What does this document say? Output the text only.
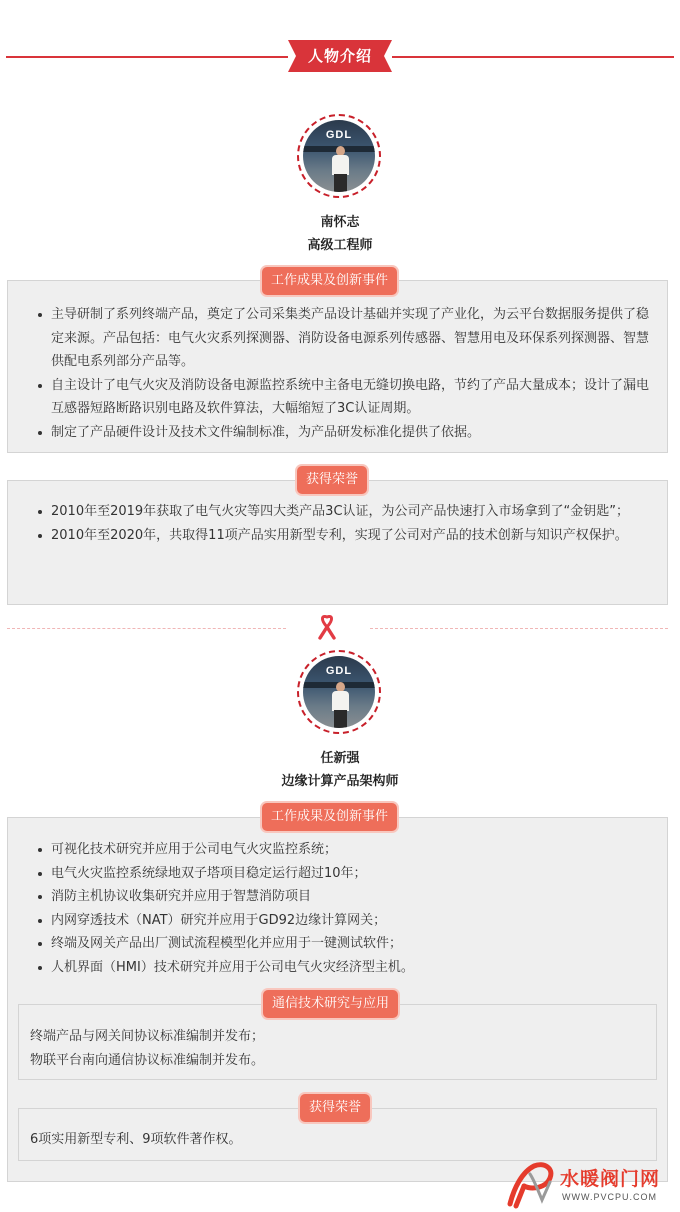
人物介绍
GDL
南怀志
高级工程师
主导研制了系列终端产品，奠定了公司采集类产品设计基础并实现了产业化，为云平台数据服务提供了稳定来源。产品包括：电气火灾系列探测器、消防设备电源系列传感器、智慧用电及环保系列探测器、智慧供配电系列部分产品等。
自主设计了电气火灾及消防设备电源监控系统中主备电无缝切换电路，节约了产品大量成本；设计了漏电互感器短路断路识别电路及软件算法，大幅缩短了3C认证周期。
制定了产品硬件设计及技术文件编制标准，为产品研发标准化提供了依据。
工作成果及创新事件
2010年至2019年获取了电气火灾等四大类产品3C认证，为公司产品快速打入市场拿到了“金钥匙”；
2010年至2020年，共取得11项产品实用新型专利，实现了公司对产品的技术创新与知识产权保护。
获得荣誉
GDL
任新强
边缘计算产品架构师
可视化技术研究并应用于公司电气火灾监控系统；
电气火灾监控系统绿地双子塔项目稳定运行超过10年；
消防主机协议收集研究并应用于智慧消防项目
内网穿透技术（NAT）研究并应用于GD92边缘计算网关；
终端及网关产品出厂测试流程模型化并应用于一键测试软件；
人机界面（HMI）技术研究并应用于公司电气火灾经济型主机。
工作成果及创新事件
终端产品与网关间协议标准编制并发布；
物联平台南向通信协议标准编制并发布。
通信技术研究与应用
6项实用新型专利、9项软件著作权。
获得荣誉
水暖阀门网
WWW.PVCPU.COM
